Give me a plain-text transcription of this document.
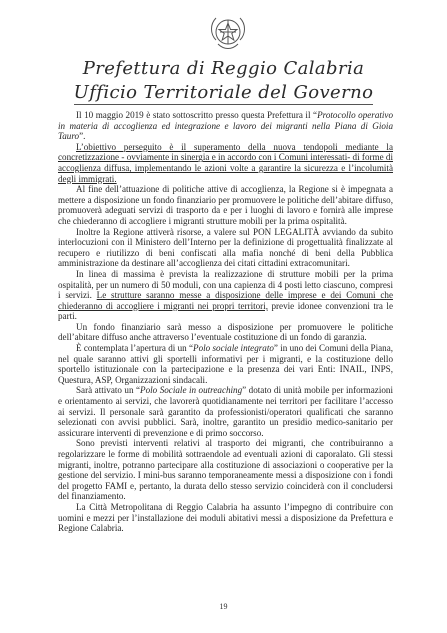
Prefettura di Reggio Calabria
Ufficio Territoriale del Governo

Il 10 maggio 2019 è stato sottoscritto presso questa Prefettura il “Protocollo operativo in materia di accoglienza ed integrazione e lavoro dei migranti nella Piana di Gioia Tauro”.

L’obiettivo perseguito è il superamento della nuova tendopoli mediante la concretizzazione - ovviamente in sinergia e in accordo con i Comuni interessati- di forme di accoglienza diffusa, implementando le azioni volte a garantire la sicurezza e l’incolumità degli immigrati.

Al fine dell’attuazione di politiche attive di accoglienza, la Regione si è impegnata a mettere a disposizione un fondo finanziario per promuovere le politiche dell’abitare diffuso, promuoverà adeguati servizi di trasporto da e per i luoghi di lavoro e fornirà alle imprese che chiederanno di accogliere i migranti strutture mobili per la prima ospitalità.

Inoltre la Regione attiverà risorse, a valere sul PON LEGALITÀ avviando da subito interlocuzioni con il Ministero dell’Interno per la definizione di progettualità finalizzate al recupero e riutilizzo di beni confiscati alla mafia nonché di beni della Pubblica amministrazione da destinare all’accoglienza dei citati cittadini extracomunitari.

In linea di massima è prevista la realizzazione di strutture mobili per la prima ospitalità, per un numero di 50 moduli, con una capienza di 4 posti letto ciascuno, compresi i servizi. Le strutture saranno messe a disposizione delle imprese e dei Comuni che chiederanno di accogliere i migranti nei propri territori, previe idonee convenzioni tra le parti.

Un fondo finanziario sarà messo a disposizione per promuovere le politiche dell’abitare diffuso anche attraverso l’eventuale costituzione di un fondo di garanzia.

È contemplata l’apertura di un “Polo sociale integrato” in uno dei Comuni della Piana, nel quale saranno attivi gli sportelli informativi per i migranti, e la costituzione dello sportello istituzionale con la partecipazione e la presenza dei vari Enti: INAIL, INPS, Questura, ASP, Organizzazioni sindacali.

Sarà attivato un “Polo Sociale in outreaching” dotato di unità mobile per informazioni e orientamento ai servizi, che lavorerà quotidianamente nei territori per facilitare l’accesso ai servizi. Il personale sarà garantito da professionisti/operatori qualificati che saranno selezionati con avvisi pubblici. Sarà, inoltre, garantito un presidio medico-sanitario per assicurare interventi di prevenzione e di primo soccorso.

Sono previsti interventi relativi al trasporto dei migranti, che contribuiranno a regolarizzare le forme di mobilità sottraendole ad eventuali azioni di caporalato. Gli stessi migranti, inoltre, potranno partecipare alla costituzione di associazioni o cooperative per la gestione del servizio. I mini-bus saranno temporaneamente messi a disposizione con i fondi del progetto FAMI e, pertanto, la durata dello stesso servizio coinciderà con il concludersi del finanziamento.

La Città Metropolitana di Reggio Calabria ha assunto l’impegno di contribuire con uomini e mezzi per l’installazione dei moduli abitativi messi a disposizione da Prefettura e Regione Calabria.

19
